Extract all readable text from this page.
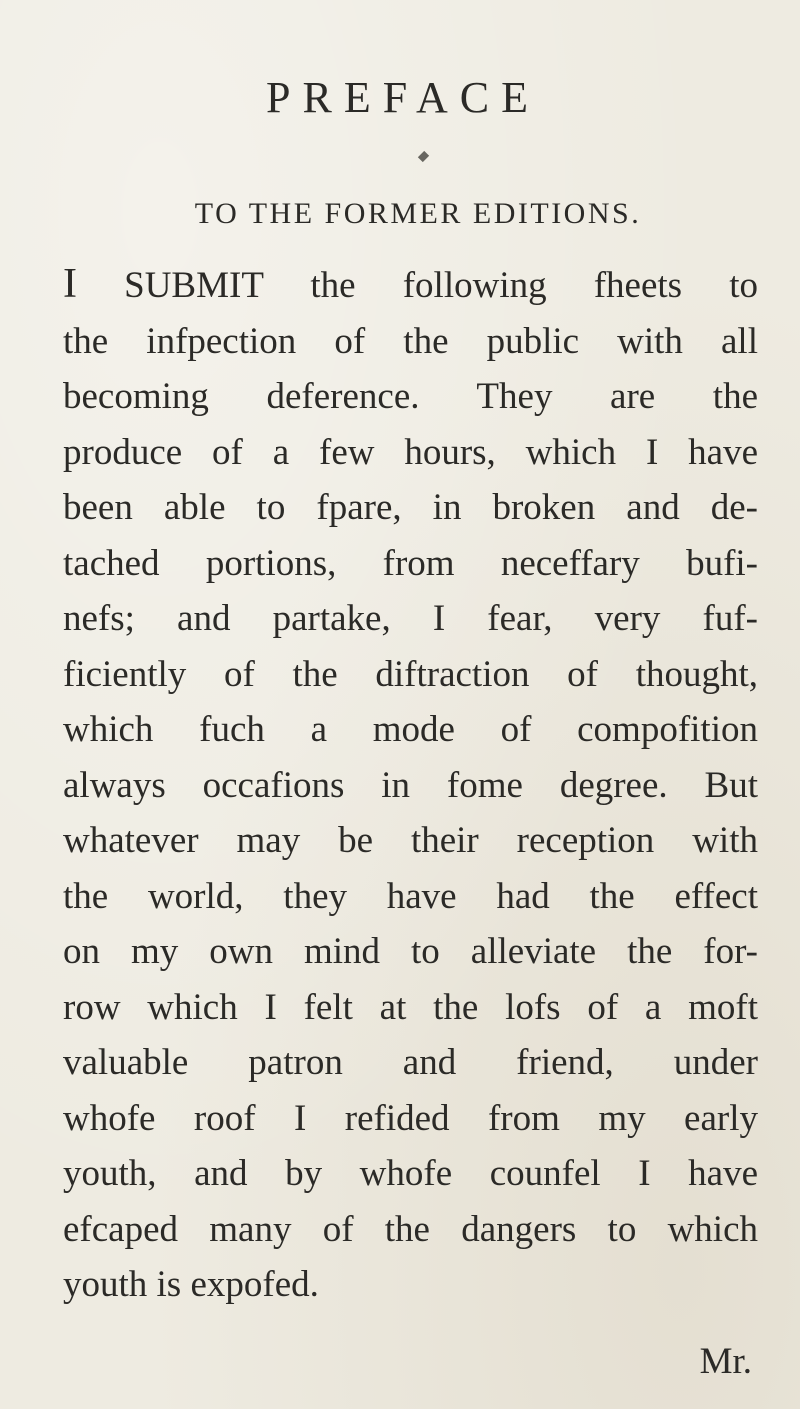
PREFACE
TO THE FORMER EDITIONS.
I SUBMIT the following fheets to
the infpection of the public with all
becoming deference. They are the
produce of a few hours, which I have
been able to fpare, in broken and de-
tached portions, from neceffary bufi-
nefs; and partake, I fear, very fuf-
ficiently of the diftraction of thought,
which fuch a mode of compofition
always occafions in fome degree. But
whatever may be their reception with
the world, they have had the effect
on my own mind to alleviate the for-
row which I felt at the lofs of a moft
valuable patron and friend, under
whofe roof I refided from my early
youth, and by whofe counfel I have
efcaped many of the dangers to which
youth is expofed.
Mr.
